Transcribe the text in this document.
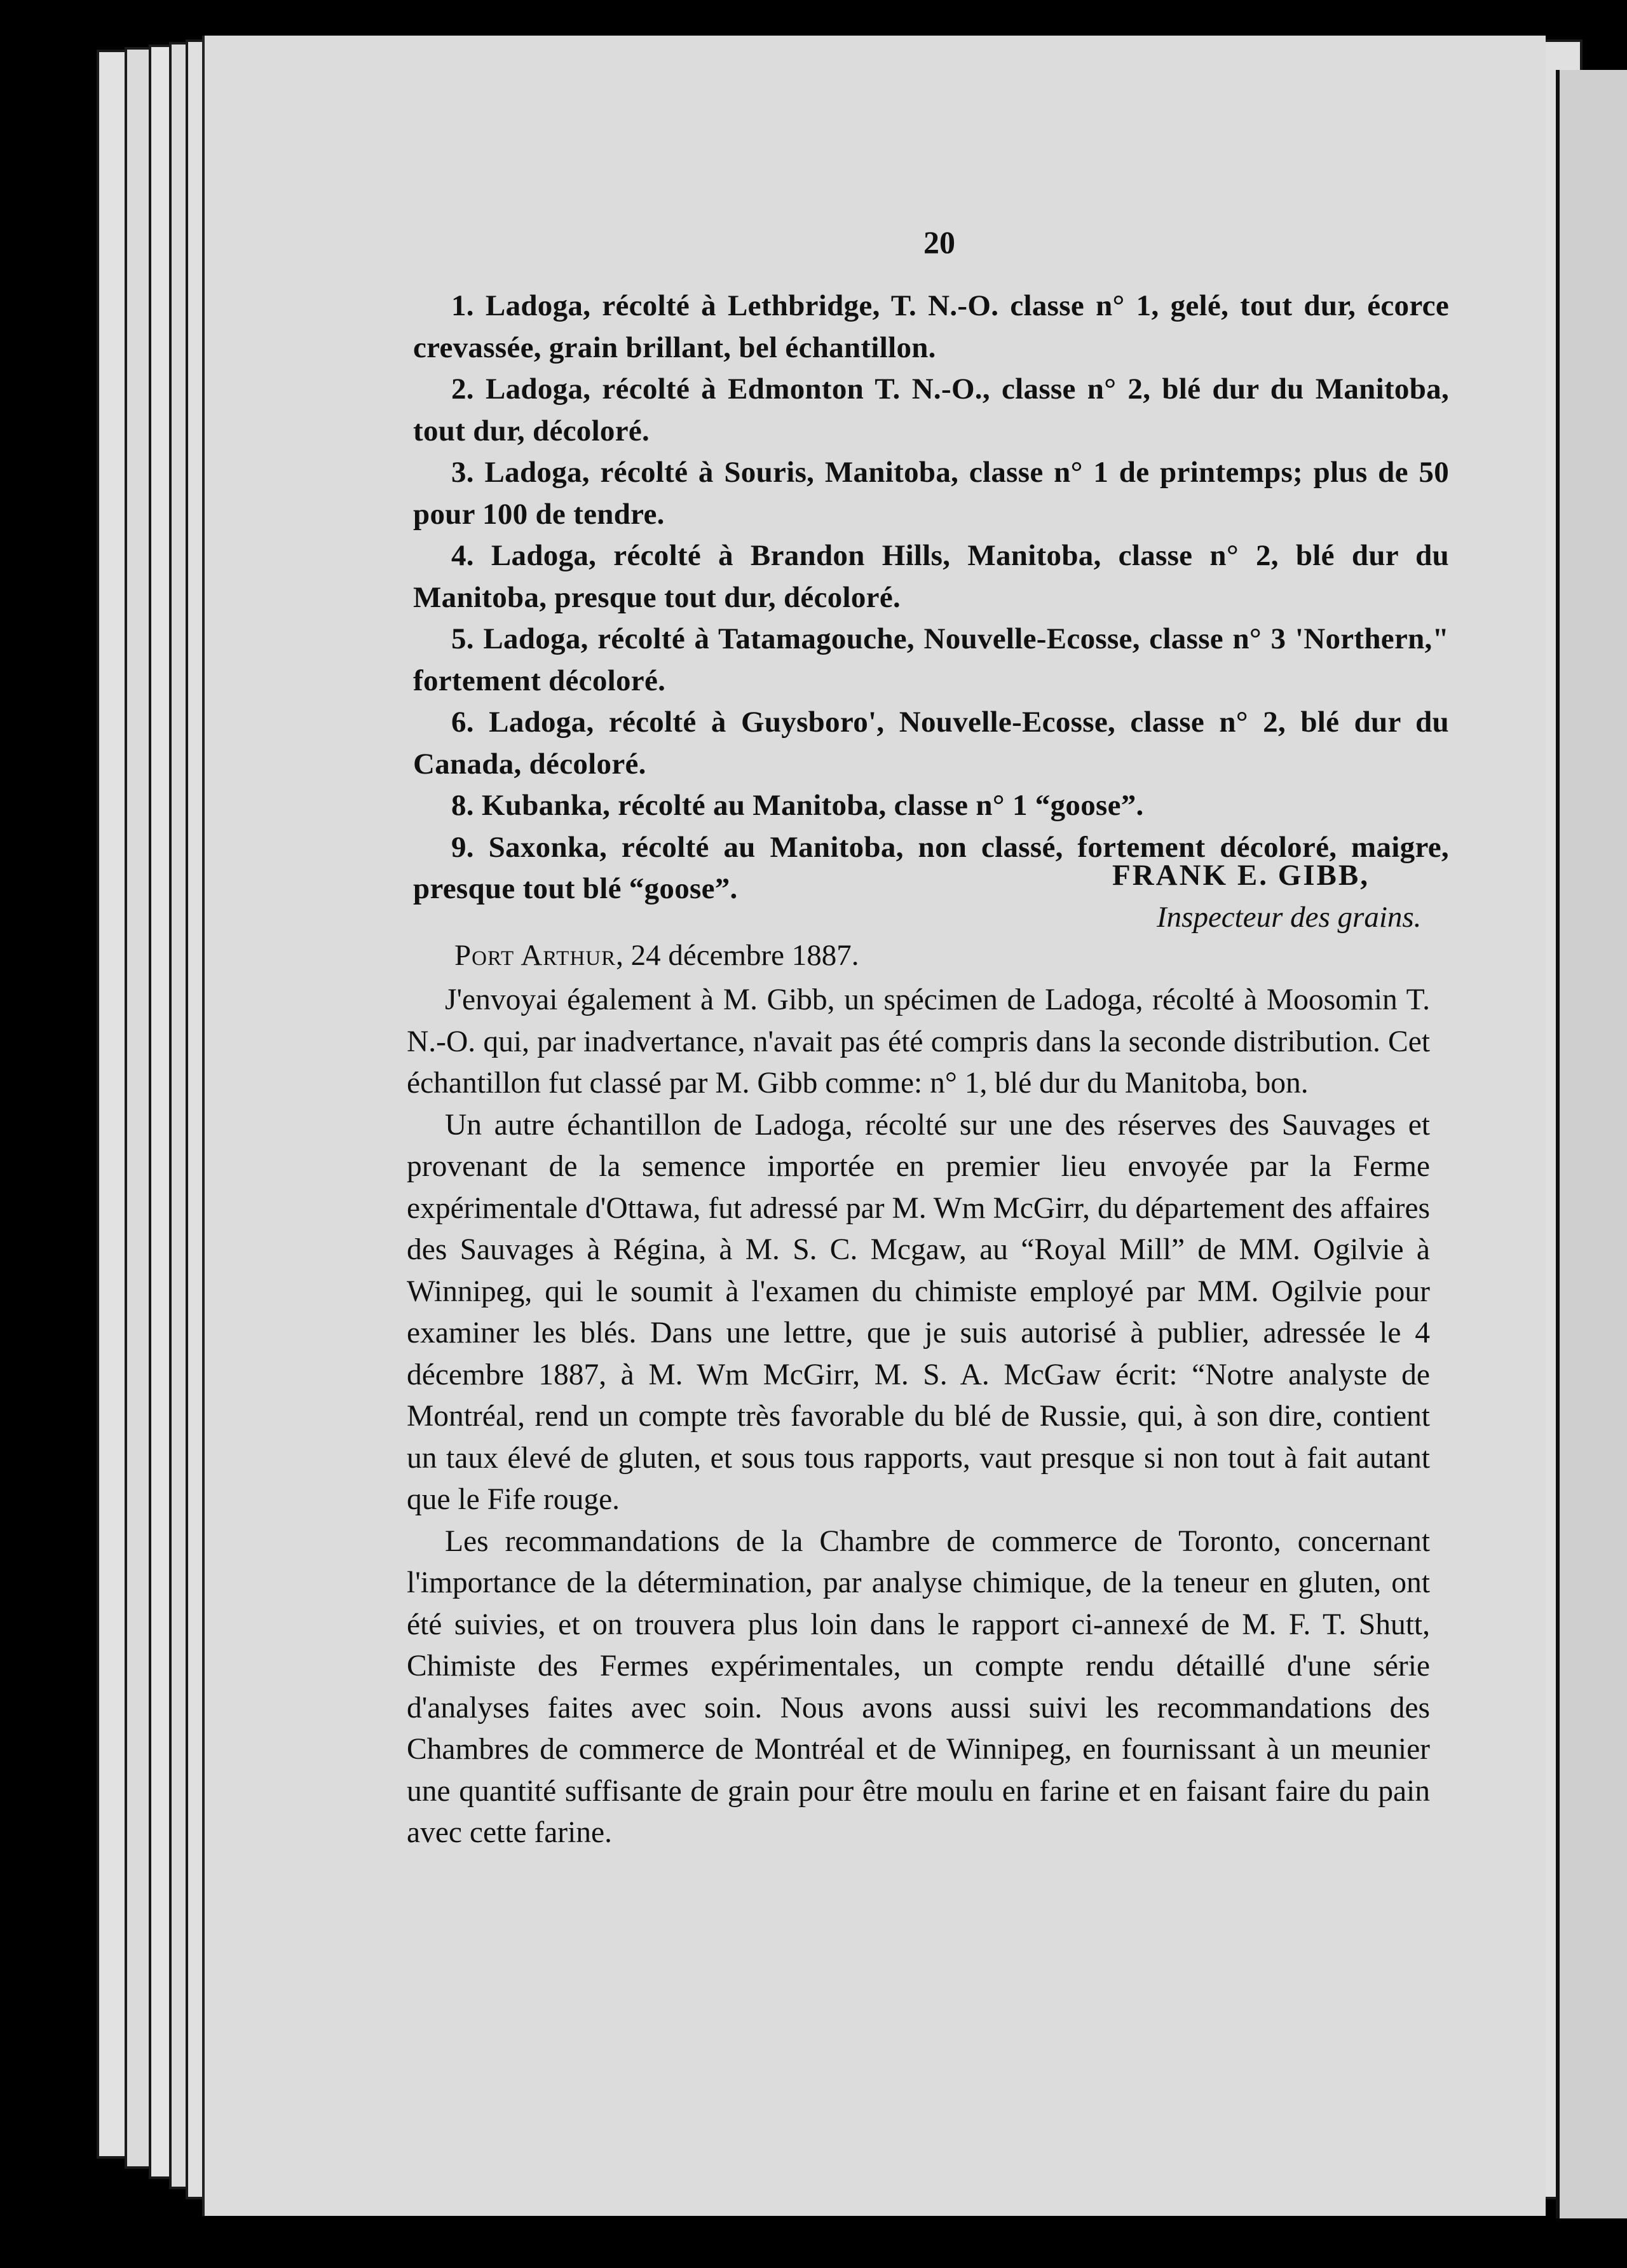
20

1. Ladoga, récolté à Lethbridge, T. N.-O. classe n° 1, gelé, tout dur, écorce crevassée, grain brillant, bel échantillon.

2. Ladoga, récolté à Edmonton T. N.-O., classe n° 2, blé dur du Manitoba, tout dur, décoloré.

3. Ladoga, récolté à Souris, Manitoba, classe n° 1 de printemps; plus de 50 pour 100 de tendre.

4. Ladoga, récolté à Brandon Hills, Manitoba, classe n° 2, blé dur du Manitoba, presque tout dur, décoloré.

5. Ladoga, récolté à Tatamagouche, Nouvelle-Ecosse, classe n° 3 'Northern," fortement décoloré.

6. Ladoga, récolté à Guysboro', Nouvelle-Ecosse, classe n° 2, blé dur du Canada, décoloré.

8. Kubanka, récolté au Manitoba, classe n° 1 “goose”.

9. Saxonka, récolté au Manitoba, non classé, fortement décoloré, maigre, presque tout blé “goose”.	FRANK E. GIBB,
Inspecteur des grains.
Port Arthur, 24 décembre 1887.

J'envoyai également à M. Gibb, un spécimen de Ladoga, récolté à Moosomin T. N.-O. qui, par inadvertance, n'avait pas été compris dans la seconde distribution. Cet échantillon fut classé par M. Gibb comme: n° 1, blé dur du Manitoba, bon.

Un autre échantillon de Ladoga, récolté sur une des réserves des Sauvages et provenant de la semence importée en premier lieu envoyée par la Ferme expérimentale d'Ottawa, fut adressé par M. Wm McGirr, du département des affaires des Sauvages à Régina, à M. S. C. Mcgaw, au “Royal Mill” de MM. Ogilvie à Winnipeg, qui le soumit à l'examen du chimiste employé par MM. Ogilvie pour examiner les blés. Dans une lettre, que je suis autorisé à publier, adressée le 4 décembre 1887, à M. Wm McGirr, M. S. A. McGaw écrit: “Notre analyste de Montréal, rend un compte très favorable du blé de Russie, qui, à son dire, contient un taux élevé de gluten, et sous tous rapports, vaut presque si non tout à fait autant que le Fife rouge.

Les recommandations de la Chambre de commerce de Toronto, concernant l'importance de la détermination, par analyse chimique, de la teneur en gluten, ont été suivies, et on trouvera plus loin dans le rapport ci-annexé de M. F. T. Shutt, Chimiste des Fermes expérimentales, un compte rendu détaillé d'une série d'analyses faites avec soin. Nous avons aussi suivi les recommandations des Chambres de commerce de Montréal et de Winnipeg, en fournissant à un meunier une quantité suffisante de grain pour être moulu en farine et en faisant faire du pain avec cette farine.
